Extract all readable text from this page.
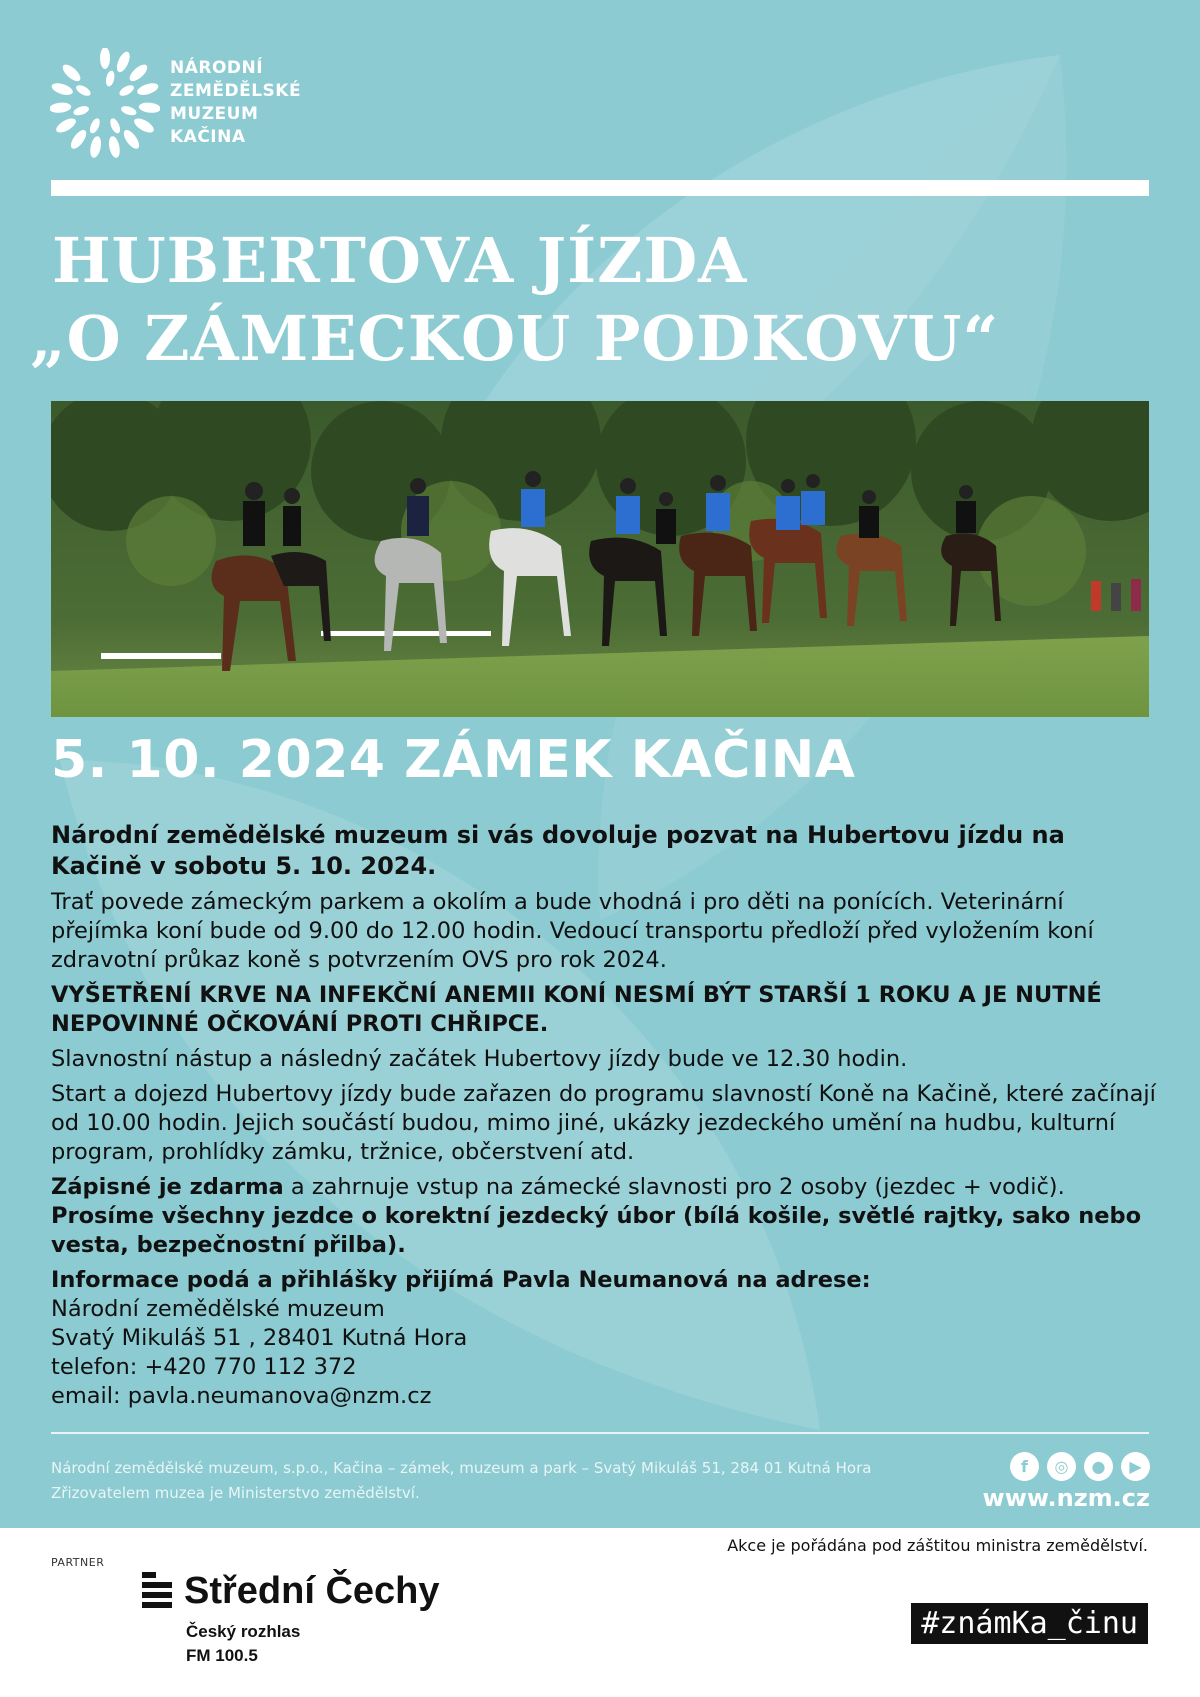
NÁRODNÍ
ZEMĚDĚLSKÉ
MUZEUM
KAČINA
HUBERTOVA JÍZDA
„O ZÁMECKOU PODKOVU“
5. 10. 2024 ZÁMEK KAČINA

Národní zemědělské muzeum si vás dovoluje pozvat na Hubertovu jízdu na Kačině v sobotu 5. 10. 2024.

Trať povede zámeckým parkem a okolím a bude vhodná i pro děti na ponících. Veterinární přejímka koní bude od 9.00 do 12.00 hodin. Vedoucí transportu předloží před vyložením koní zdravotní průkaz koně s potvrzením OVS pro rok 2024.

VYŠETŘENÍ KRVE NA INFEKČNÍ ANEMII KONÍ NESMÍ BÝT STARŠÍ 1 ROKU A JE NUTNÉ NEPOVINNÉ OČKOVÁNÍ PROTI CHŘIPCE.

Slavnostní nástup a následný začátek Hubertovy jízdy bude ve 12.30 hodin.

Start a dojezd Hubertovy jízdy bude zařazen do programu slavností Koně na Kačině, které začínají od 10.00 hodin. Jejich součástí budou, mimo jiné, ukázky jezdeckého umění na hudbu, kulturní program, prohlídky zámku, tržnice, občerstvení atd.

Zápisné je zdarma a zahrnuje vstup na zámecké slavnosti pro 2 osoby (jezdec + vodič).

Prosíme všechny jezdce o korektní jezdecký úbor (bílá košile, světlé rajtky, sako nebo vesta, bezpečnostní přilba).

Informace podá a přihlášky přijímá Pavla Neumanová na adrese:

Národní zemědělské muzeum

Svatý Mikuláš 51 , 28401 Kutná Hora

telefon: +420 770 112 372

email: pavla.neumanova@nzm.cz

Národní zemědělské muzeum, s.p.o., Kačina – zámek, muzeum a park – Svatý Mikuláš 51, 284 01 Kutná Hora
Zřizovatelem muzea je Ministerstvo zemědělství.
f	◎	●	▶
www.nzm.cz
PARTNER
Střední Čechy
Český rozhlas
FM 100.5
Akce je pořádána pod záštitou ministra zemědělství.
#známKa_činu
